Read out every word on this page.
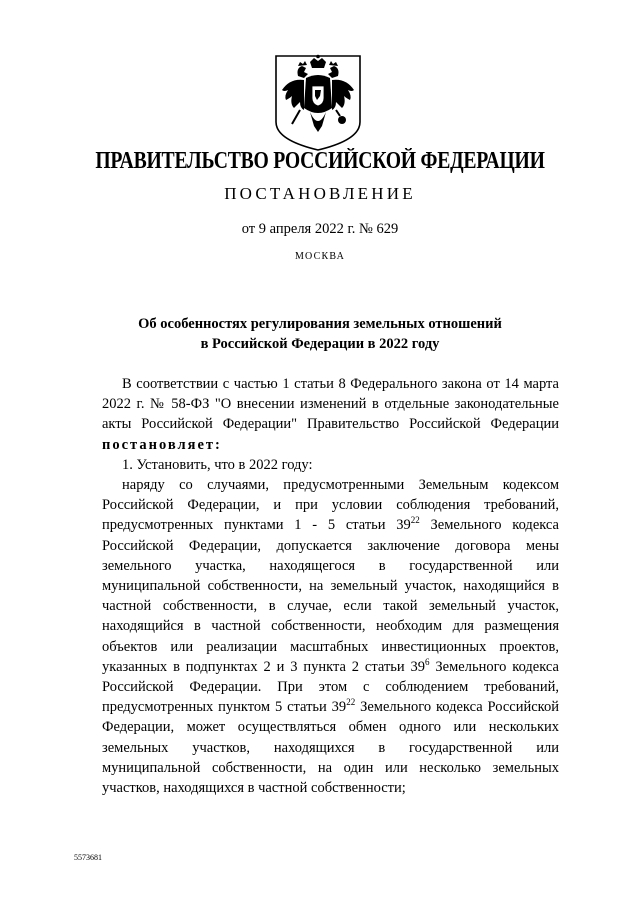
ПРАВИТЕЛЬСТВО РОССИЙСКОЙ ФЕДЕРАЦИИ
ПОСТАНОВЛЕНИЕ
от 9 апреля 2022 г. № 629
МОСКВА
Об особенностях регулирования земельных отношений
в Российской Федерации в 2022 году

В соответствии с частью 1 статьи 8 Федерального закона от 14 марта 2022 г. № 58-ФЗ "О внесении изменений в отдельные законодательные акты Российской Федерации" Правительство Российской Федерации постановляет:

1. Установить, что в 2022 году:

наряду со случаями, предусмотренными Земельным кодексом Российской Федерации, и при условии соблюдения требований, предусмотренных пунктами 1 - 5 статьи $39^{22}$ Земельного кодекса Российской Федерации, допускается заключение договора мены земельного участка, находящегося в государственной или муниципальной собственности, на земельный участок, находящийся в частной собственности, в случае, если такой земельный участок, находящийся в частной собственности, необходим для размещения объектов или реализации масштабных инвестиционных проектов, указанных в подпунктах 2 и 3 пункта 2 статьи $39^6$ Земельного кодекса Российской Федерации. При этом с соблюдением требований, предусмотренных пунктом 5 статьи $39^{22}$ Земельного кодекса Российской Федерации, может осуществляться обмен одного или нескольких земельных участков, находящихся в государственной или муниципальной собственности, на один или несколько земельных участков, находящихся в частной собственности;

5573681
